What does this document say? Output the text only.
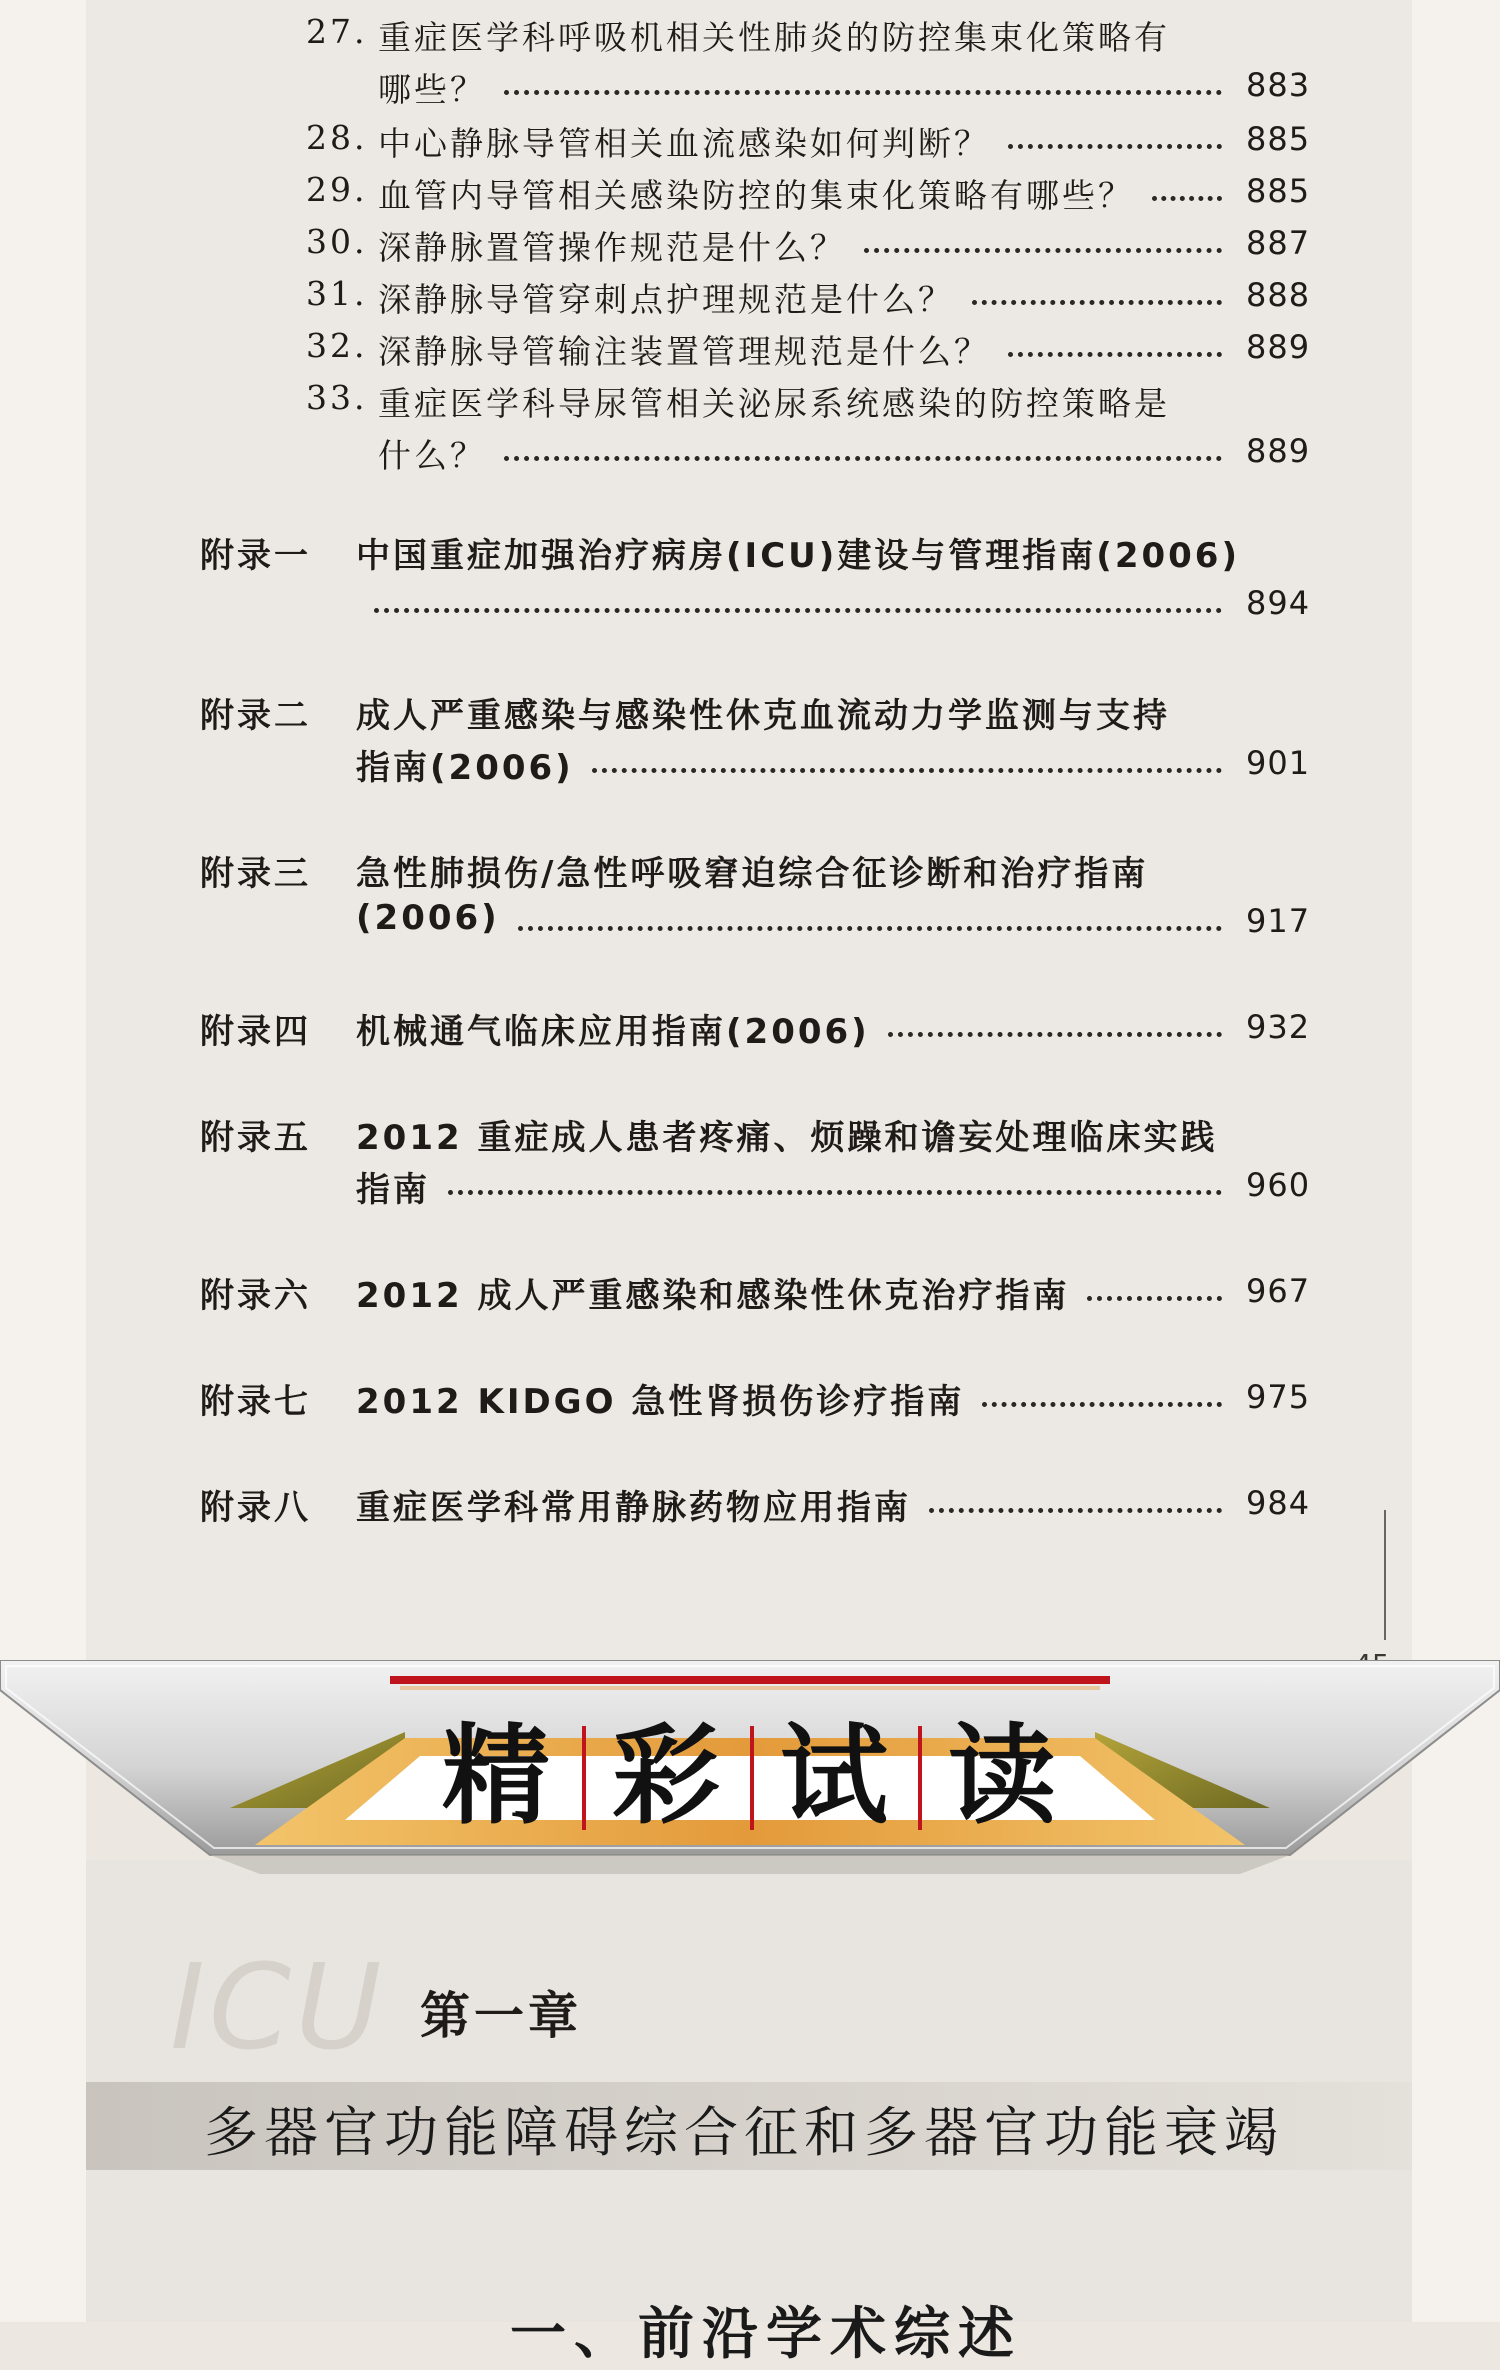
27. 重症医学科呼吸机相关性肺炎的防控集束化策略有
哪些？	883
28. 中心静脉导管相关血流感染如何判断？	885
29. 血管内导管相关感染防控的集束化策略有哪些？	885
30. 深静脉置管操作规范是什么？	887
31. 深静脉导管穿刺点护理规范是什么？	888
32. 深静脉导管输注装置管理规范是什么？	889
33. 重症医学科导尿管相关泌尿系统感染的防控策略是
什么？	889
附录一 中国重症加强治疗病房(ICU)建设与管理指南(2006)
894
附录二 成人严重感染与感染性休克血流动力学监测与支持
指南(2006)	901
附录三 急性肺损伤/急性呼吸窘迫综合征诊断和治疗指南
(2006)	917
附录四 机械通气临床应用指南(2006)	932
附录五 2012 重症成人患者疼痛、烦躁和谵妄处理临床实践
指南	960
附录六 2012 成人严重感染和感染性休克治疗指南	967
附录七 2012 KIDGO 急性肾损伤诊疗指南	975
附录八 重症医学科常用静脉药物应用指南	984
精 彩 试 读
ICU 第一章
多器官功能障碍综合征和多器官功能衰竭
一、前沿学术综述
